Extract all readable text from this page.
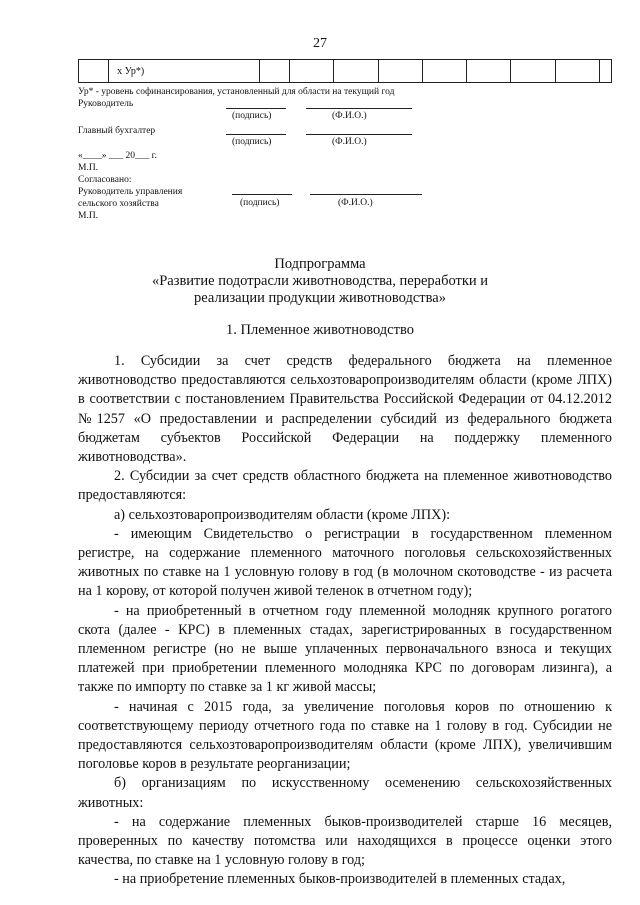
27
	х Ур*)									
Ур* - уровень софинансирования, установленный для области на текущий год
Руководитель
(подпись)	(Ф.И.О.)
Главный бухгалтер
(подпись)	(Ф.И.О.)
«____» ___ 20___ г.
М.П.
Согласовано:
Руководитель управления
сельского хозяйства	(подпись)	(Ф.И.О.)
М.П.
Подпрограмма
«Развитие подотрасли животноводства, переработки и
реализации продукции животноводства»
1. Племенное животноводство

1. Субсидии за счет средств федерального бюджета на племенное животноводство предоставляются сельхозтоваропроизводителям области (кроме ЛПХ) в соответствии с постановлением Правительства Российской Федерации от 04.12.2012 №1257 «О предоставлении и распределении субсидий из федерального бюджета бюджетам субъектов Российской Федерации на поддержку племенного животноводства».

2. Субсидии за счет средств областного бюджета на племенное животноводство предоставляются:

а) сельхозтоваропроизводителям области (кроме ЛПХ):

- имеющим Свидетельство о регистрации в государственном племенном регистре, на содержание племенного маточного поголовья сельскохозяйственных животных по ставке на 1 условную голову в год (в молочном скотоводстве - из расчета на 1 корову, от которой получен живой теленок в отчетном году);

- на приобретенный в отчетном году племенной молодняк крупного рогатого скота (далее - КРС) в племенных стадах, зарегистрированных в государственном племенном регистре (но не выше уплаченных первоначального взноса и текущих платежей при приобретении племенного молодняка КРС по договорам лизинга), а также по импорту по ставке за 1 кг живой массы;

- начиная с 2015 года, за увеличение поголовья коров по отношению к соответствующему периоду отчетного года по ставке на 1 голову в год. Субсидии не предоставляются сельхозтоваропроизводителям области (кроме ЛПХ), увеличившим поголовье коров в результате реорганизации;

б) организациям по искусственному осеменению сельскохозяйственных животных:

- на содержание племенных быков-производителей старше 16 месяцев, проверенных по качеству потомства или находящихся в процессе оценки этого качества, по ставке на 1 условную голову в год;

- на приобретение племенных быков-производителей в племенных стадах,
